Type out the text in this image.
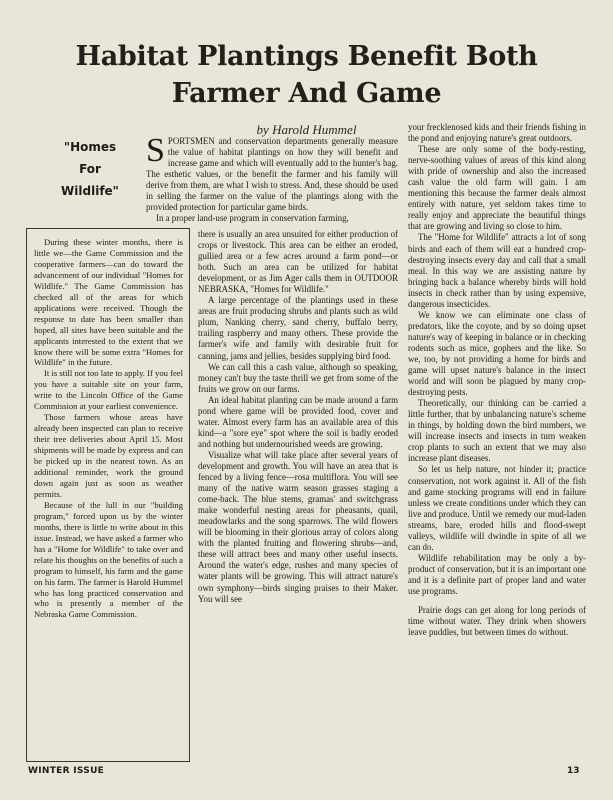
Habitat Plantings Benefit Both
Farmer And Game
by Harold Hummel
"Homes
For
Wildlife"

SPORTSMEN and conservation departments generally measure the value of habitat plantings on how they will benefit and increase game and which will eventually add to the hunter's bag. The esthetic values, or the benefit the farmer and his family will derive from them, are what I wish to stress. And, these should be used in selling the farmer on the value of the plantings along with the provided protection for particular game birds.

In a proper land-use program in conservation farming,

During these winter months, there is little we—the Game Commission and the cooperative farmers—can do toward the advancement of our individual "Homes for Wildlife." The Game Commission has checked all of the areas for which applications were received. Though the response to date has been smaller than hoped, all sites have been suitable and the applicants interested to the extent that we know there will be some extra "Homes for Wildlife" in the future.

It is still not too late to apply. If you feel you have a suitable site on your farm, write to the Lincoln Office of the Game Commission at your earliest convenience.

Those farmers whose areas have already been inspected can plan to receive their tree deliveries about April 15. Most shipments will be made by express and can be picked up in the nearest town. As an additional reminder, work the ground down again just as soon as weather permits.

Because of the lull in our "building program," forced upon us by the winter months, there is little to write about in this issue. Instead, we have asked a farmer who has a "Home for Wildlife" to take over and relate his thoughts on the benefits of such a program to himself, his farm and the game on his farm. The farmer is Harold Hummel who has long practiced conservation and who is presently a member of the Nebraska Game Commission.

there is usually an area unsuited for either production of crops or livestock. This area can be either an eroded, gullied area or a few acres around a farm pond—or both. Such an area can be utilized for habitat development, or as Jim Ager calls them in OUTDOOR NEBRASKA, "Homes for Wildlife."

A large percentage of the plantings used in these areas are fruit producing shrubs and plants such as wild plum, Nanking cherry, sand cherry, buffalo berry, trailing raspberry and many others. These provide the farmer's wife and family with desirable fruit for canning, jams and jellies, besides supplying bird food.

We can call this a cash value, although so speaking, money can't buy the taste thrill we get from some of the fruits we grow on our farms.

An ideal habitat planting can be made around a farm pond where game will be provided food, cover and water. Almost every farm has an available area of this kind—a "sore eye" spot where the soil is badly eroded and nothing but undernourished weeds are growing.

Visualize what will take place after several years of development and growth. You will have an area that is fenced by a living fence—rosa multiflora. You will see many of the native warm season grasses staging a come-back. The blue stems, gramas' and switchgrass make wonderful nesting areas for pheasants, quail, meadowlarks and the song sparrows. The wild flowers will be blooming in their glorious array of colors along with the planted fruiting and flowering shrubs—and, these will attract bees and many other useful insects. Around the water's edge, rushes and many species of water plants will be growing. This will attract nature's own symphony—birds singing praises to their Maker. You will see

your frecklenosed kids and their friends fishing in the pond and enjoying nature's great outdoors.

These are only some of the body-resting, nerve-soothing values of areas of this kind along with pride of ownership and also the increased cash value the old farm will gain. I am mentioning this because the farmer deals almost entirely with nature, yet seldom takes time to really enjoy and appreciate the beautiful things that are growing and living so close to him.

The "Home for Wildlife" attracts a lot of song birds and each of them will eat a hundred crop-destroying insects every day and call that a small meal. In this way we are assisting nature by bringing back a balance whereby birds will hold insects in check rather than by using expensive, dangerous insecticides.

We know we can eliminate one class of predators, like the coyote, and by so doing upset nature's way of keeping in balance or in checking rodents such as mice, gophers and the like. So we, too, by not providing a home for birds and game will upset nature's balance in the insect world and will soon be plagued by many crop-destroying pests.

Theoretically, our thinking can be carried a little further, that by unbalancing nature's scheme in things, by holding down the bird numbers, we will increase insects and insects in turn weaken crop plants to such an extent that we may also increase plant diseases.

So let us help nature, not hinder it; practice conservation, not work against it. All of the fish and game stocking programs will end in failure unless we create conditions under which they can live and produce. Until we remedy our mud-laden streams, bare, eroded hills and flood-swept valleys, wildlife will dwindle in spite of all we can do.

Wildlife rehabilitation may be only a by-product of conservation, but it is an important one and it is a definite part of proper land and water use programs.

Prairie dogs can get along for long periods of time without water. They drink when showers leave puddles, but between times do without.

WINTER ISSUE	13
